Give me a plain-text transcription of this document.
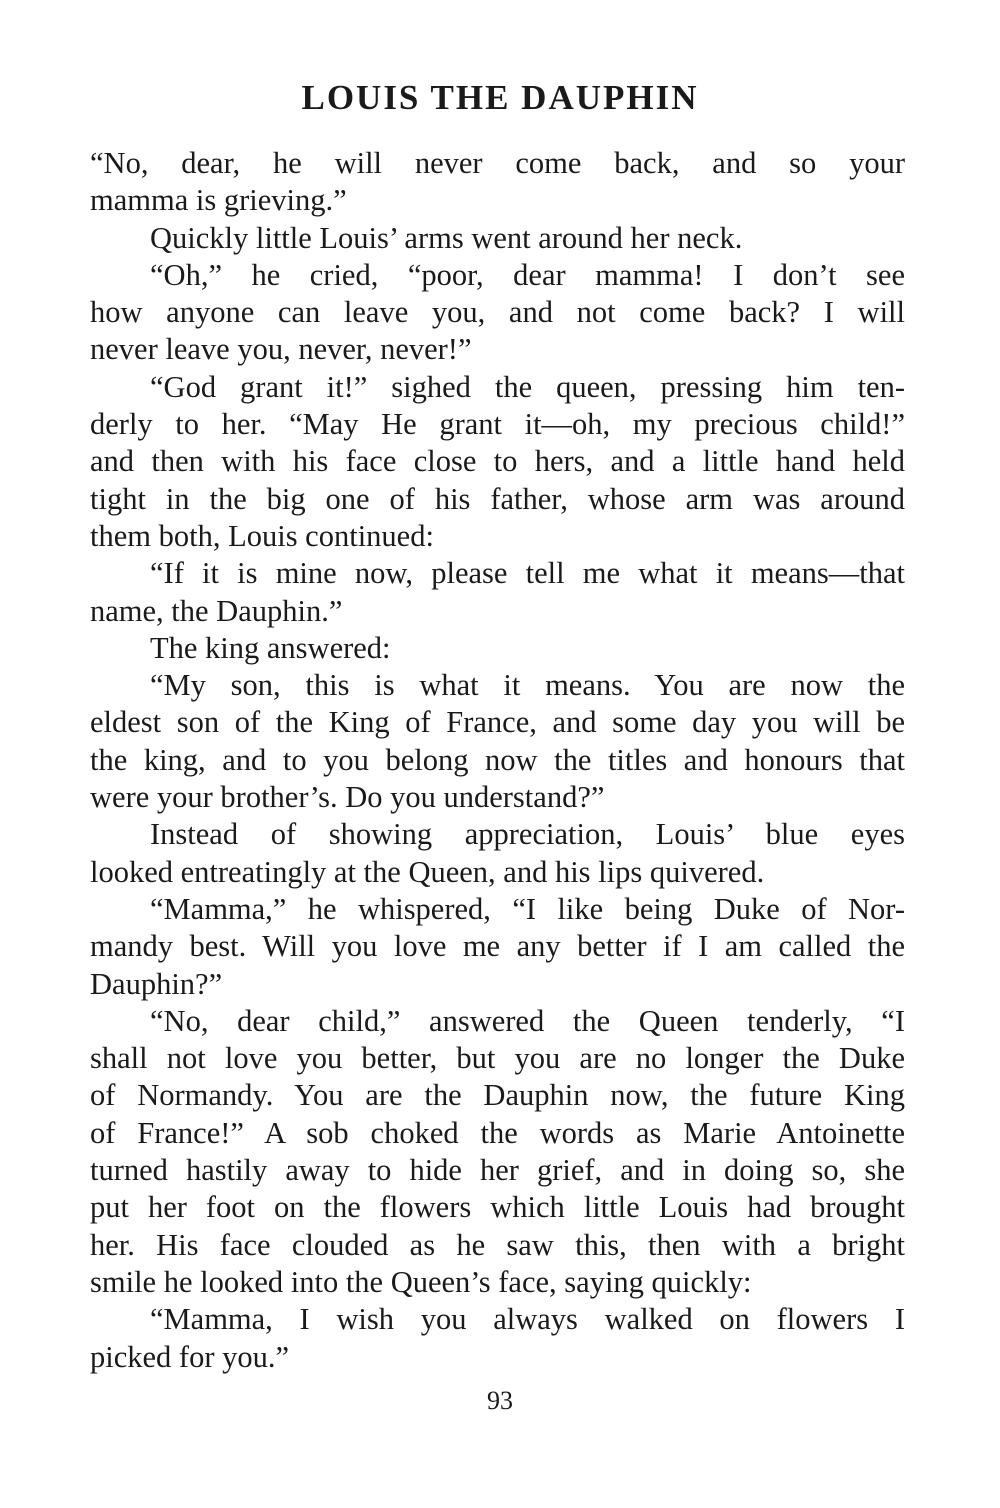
LOUIS THE DAUPHIN
“No, dear, he will never come back, and so your
mamma is grieving.”
Quickly little Louis’ arms went around her neck.
“Oh,” he cried, “poor, dear mamma! I don’t see
how anyone can leave you, and not come back? I will
never leave you, never, never!”
“God grant it!” sighed the queen, pressing him ten-
derly to her. “May He grant it—oh, my precious child!”
and then with his face close to hers, and a little hand held
tight in the big one of his father, whose arm was around
them both, Louis continued:
“If it is mine now, please tell me what it means—that
name, the Dauphin.”
The king answered:
“My son, this is what it means. You are now the
eldest son of the King of France, and some day you will be
the king, and to you belong now the titles and honours that
were your brother’s. Do you understand?”
Instead of showing appreciation, Louis’ blue eyes
looked entreatingly at the Queen, and his lips quivered.
“Mamma,” he whispered, “I like being Duke of Nor-
mandy best. Will you love me any better if I am called the
Dauphin?”
“No, dear child,” answered the Queen tenderly, “I
shall not love you better, but you are no longer the Duke
of Normandy. You are the Dauphin now, the future King
of France!” A sob choked the words as Marie Antoinette
turned hastily away to hide her grief, and in doing so, she
put her foot on the flowers which little Louis had brought
her. His face clouded as he saw this, then with a bright
smile he looked into the Queen’s face, saying quickly:
“Mamma, I wish you always walked on flowers I
picked for you.”
93
